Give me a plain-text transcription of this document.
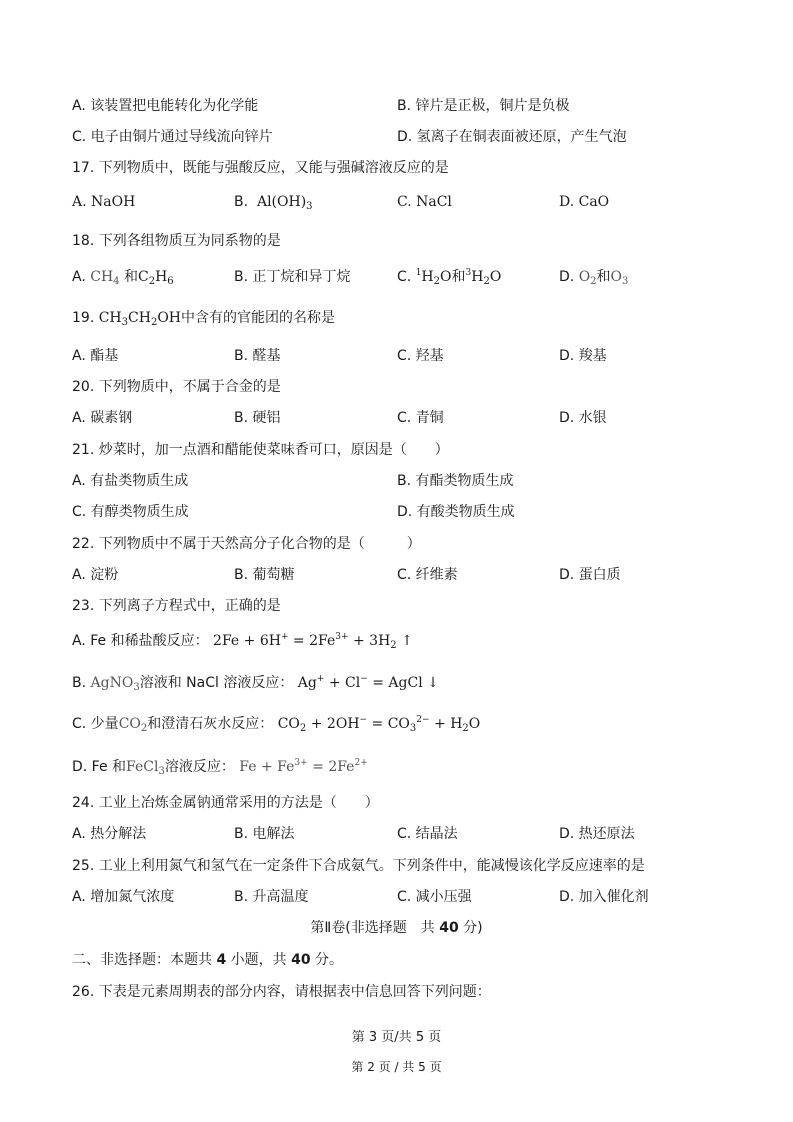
A. 该装置把电能转化为化学能	B. 锌片是正极，铜片是负极
C. 电子由铜片通过导线流向锌片	D. 氢离子在铜表面被还原，产生气泡
17. 下列物质中，既能与强酸反应，又能与强碱溶液反应的是
A. NaOH	B. $Al(OH)_3$	C. NaCl	D. CaO
18. 下列各组物质互为同系物的是
A. $CH_4$ 和$C_2H_6$	B. 正丁烷和异丁烷	C. $^1H_2O$和$^3H_2O$	D. $O_2$和$O_3$
19. $CH_3CH_2OH$中含有的官能团的名称是
A. 酯基	B. 醛基	C. 羟基	D. 羧基
20. 下列物质中，不属于合金的是
A. 碳素钢	B. 硬铝	C. 青铜	D. 水银
21. 炒菜时，加一点酒和醋能使菜味香可口，原因是（　　）
A. 有盐类物质生成	B. 有酯类物质生成
C. 有醇类物质生成	D. 有酸类物质生成
22. 下列物质中不属于天然高分子化合物的是（　　　）
A. 淀粉	B. 葡萄糖	C. 纤维素	D. 蛋白质
23. 下列离子方程式中，正确的是
A. Fe 和稀盐酸反应： $2Fe + 6H^+ = 2Fe^{3+} + 3H_2$ ↑
B. AgNO$_3$溶液和 NaCl 溶液反应： Ag+ + Cl− = AgCl ↓
C. 少量$CO_2$和澄清石灰水反应： $CO_2 + 2OH^- = CO_3^{2-} + H_2O$
D. Fe 和FeCl$_3$溶液反应： $Fe + Fe^{3+} = 2Fe^{2+}$
24. 工业上冶炼金属钠通常采用的方法是（　　）
A. 热分解法	B. 电解法	C. 结晶法	D. 热还原法
25. 工业上利用氮气和氢气在一定条件下合成氨气。下列条件中，能减慢该化学反应速率的是
A. 增加氮气浓度	B. 升高温度	C. 减小压强	D. 加入催化剂
第Ⅱ卷(非选择题　共 40 分)
二、非选择题：本题共 4 小题，共 40 分。
26. 下表是元素周期表的部分内容，请根据表中信息回答下列问题：
第 3 页/共 5 页
第 2 页 / 共 5 页
